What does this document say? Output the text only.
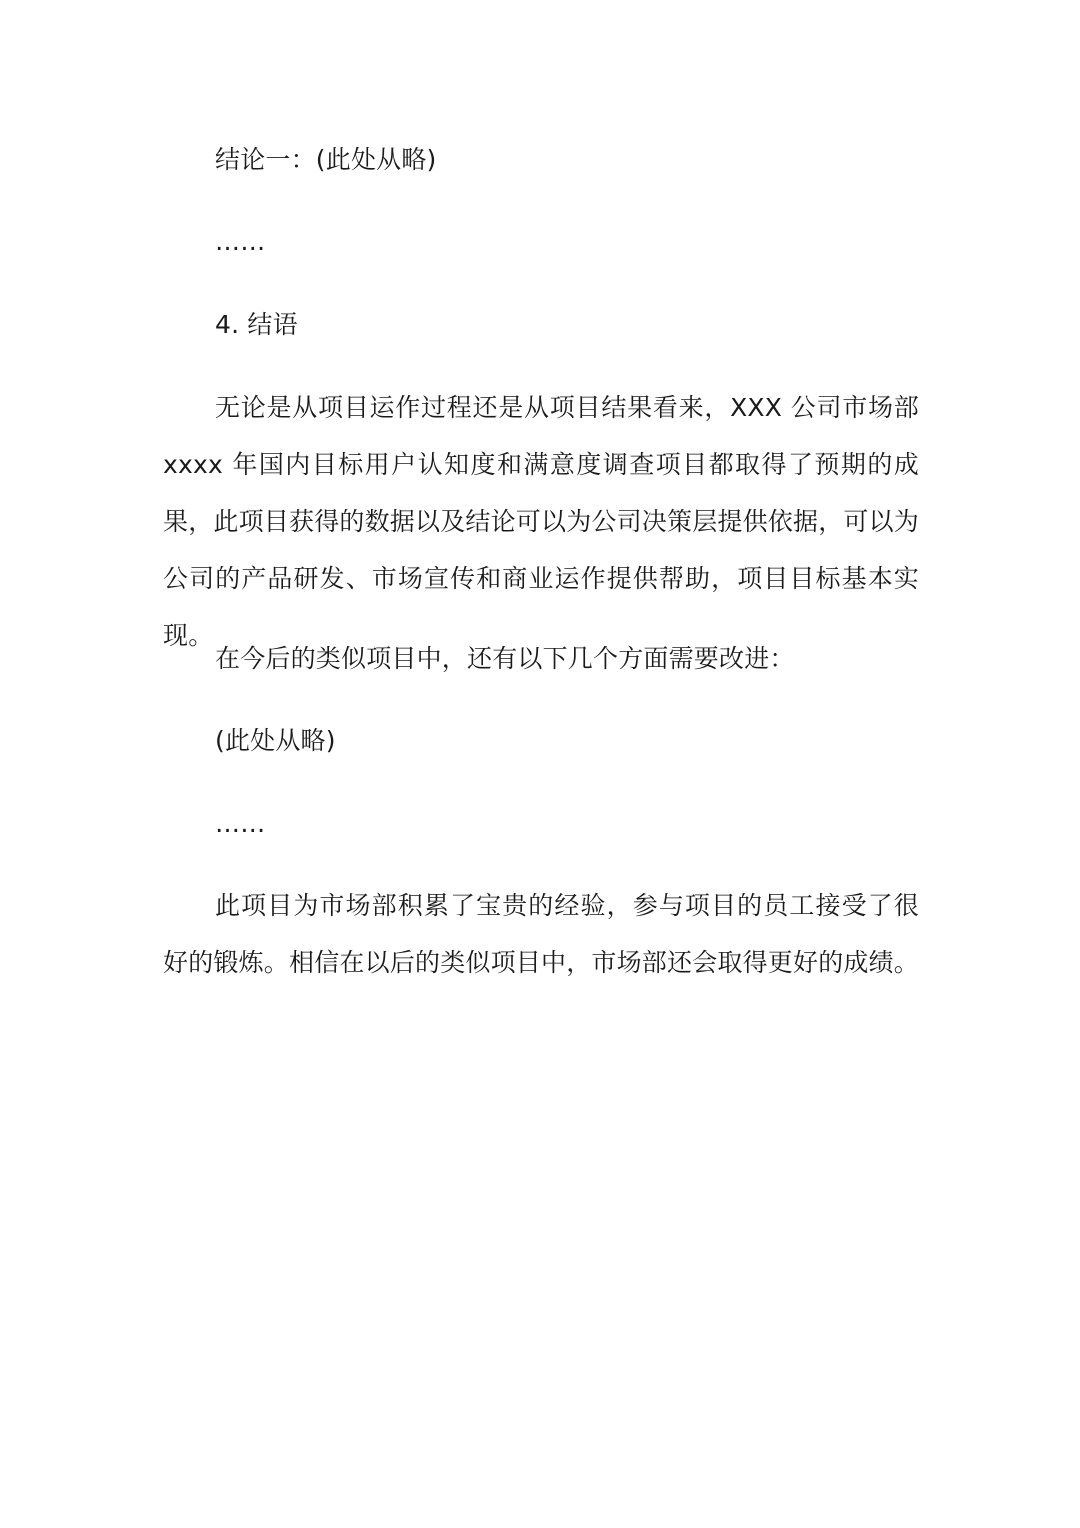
结论一：(此处从略)

……

4. 结语

无论是从项目运作过程还是从项目结果看来，XXX 公司市场部 xxxx 年国内目标用户认知度和满意度调查项目都取得了预期的成果，此项目获得的数据以及结论可以为公司决策层提供依据，可以为公司的产品研发、市场宣传和商业运作提供帮助，项目目标基本实现。

在今后的类似项目中，还有以下几个方面需要改进：

(此处从略)

……

此项目为市场部积累了宝贵的经验，参与项目的员工接受了很好的锻炼。相信在以后的类似项目中，市场部还会取得更好的成绩。
